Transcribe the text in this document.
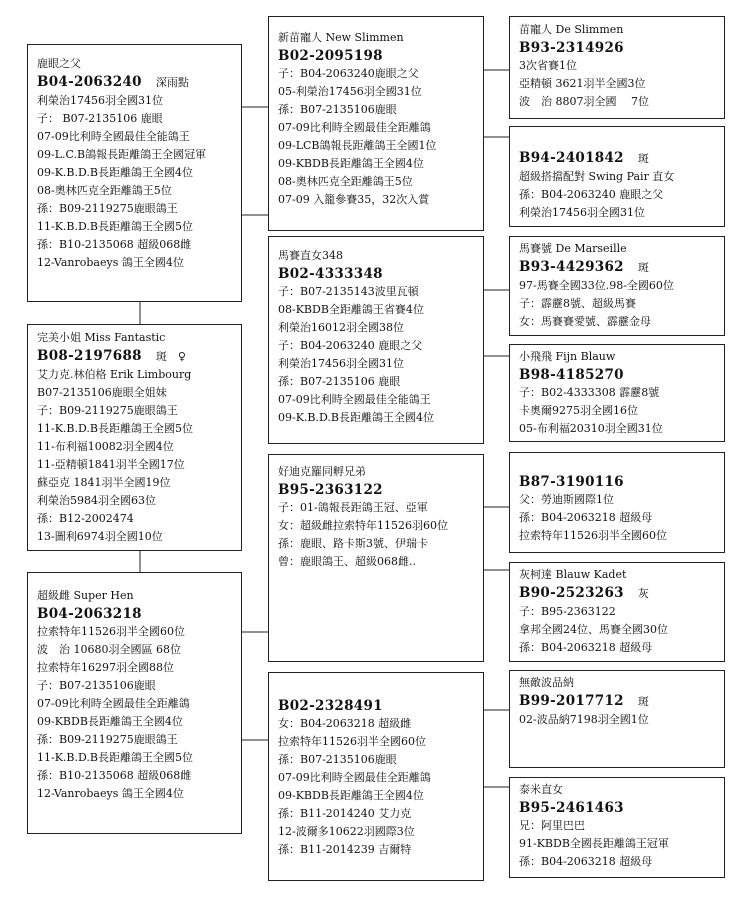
鹿眼之父
B04-2063240 深雨點
利榮治17456羽全國31位
子： B07-2135106 鹿眼
07-09比利時全國最佳全能鴿王
09-L.C.B鴿報長距離鴿王全國冠軍
09-K.B.D.B長距離鴿王全國4位
08-奧林匹克全距離鴿王5位
孫：B09-2119275鹿眼鴿王
11-K.B.D.B長距離鴿王全國5位
孫：B10-2135068 超級068雌
12-Vanrobaeys 鴿王全國4位
完美小姐 Miss Fantastic
B08-2197688 斑　♀
艾力克.林伯格 Erik Limbourg
B07-2135106鹿眼全姐妹
子：B09-2119275鹿眼鴿王
11-K.B.D.B長距離鴿王全國5位
11-布利福10082羽全國4位
11-亞精頓1841羽半全國17位
蘇亞克 1841羽半全國19位
利榮治5984羽全國63位
孫：B12-2002474
13-圖利6974羽全國10位
超級雌 Super Hen
B04-2063218
拉索特年11526羽半全國60位
波　治 10680羽全國區 68位
拉索特年16297羽全國88位
子：B07-2135106鹿眼
07-09比利時全國最佳全距離鴿
09-KBDB長距離鴿王全國4位
孫：B09-2119275鹿眼鴿王
11-K.B.D.B長距離鴿王全國5位
孫：B10-2135068 超級068雌
12-Vanrobaeys 鴿王全國4位
新苗寵人 New Slimmen
B02-2095198
子：B04-2063240鹿眼之父
05-利榮治17456羽全國31位
孫：B07-2135106鹿眼
07-09比利時全國最佳全距離鴿
09-LCB鴿報長距離鴿王全國1位
09-KBDB長距離鴿王全國4位
08-奧林匹克全距離鴿王5位
07-09 入籠參賽35，32次入賞
馬賽直女348
B02-4333348
子：B07-2135143波里瓦頓
08-KBDB全距離鴿王省賽4位
利榮治16012羽全國38位
子：B04-2063240 鹿眼之父
利榮治17456羽全國31位
孫：B07-2135106 鹿眼
07-09比利時全國最佳全能鴿王
09-K.B.D.B長距離鴿王全國4位
好迪克羅同孵兄弟
B95-2363122
子：01-鴿報長距鴿王冠、亞軍
女：超級雌拉索特年11526羽60位
孫：鹿眼、路卡斯3號、伊瑞卡
曾：鹿眼鴿王、超級068雌..
B02-2328491
女：B04-2063218 超級雌
拉索特年11526羽半全國60位
孫：B07-2135106鹿眼
07-09比利時全國最佳全距離鴿
09-KBDB長距離鴿王全國4位
孫：B11-2014240 艾力克
12-波爾多10622羽國際3位
孫：B11-2014239 吉爾特
苗寵人 De Slimmen
B93-2314926
3次省賽1位
亞精頓 3621羽半全國3位
波　治 8807羽全國　 7位
B94-2401842 斑
超級搭擋配對 Swing Pair 直女
孫：B04-2063240 鹿眼之父
利榮治17456羽全國31位
馬賽號 De Marseille
B93-4429362 斑
97-馬賽全國33位.98-全國60位
子：霹靂8號、超級馬賽
女：馬賽賽愛號、霹靂金母
小飛飛 Fijn Blauw
B98-4185270
子：B02-4333308 霹靂8號
卡奧爾9275羽全國16位
05-布利福20310羽全國31位
B87-3190116
父：勞迪斯國際1位
孫：B04-2063218 超級母
拉索特年11526羽半全國60位
灰柯達 Blauw Kadet
B90-2523263 灰
子：B95-2363122
拿邦全國24位、馬賽全國30位
孫：B04-2063218 超級母
無敵波品納
B99-2017712 斑
02-波品納7198羽全國1位
泰米直女
B95-2461463
兄：阿里巴巴
91-KBDB全國長距離鴿王冠軍
孫：B04-2063218 超級母
